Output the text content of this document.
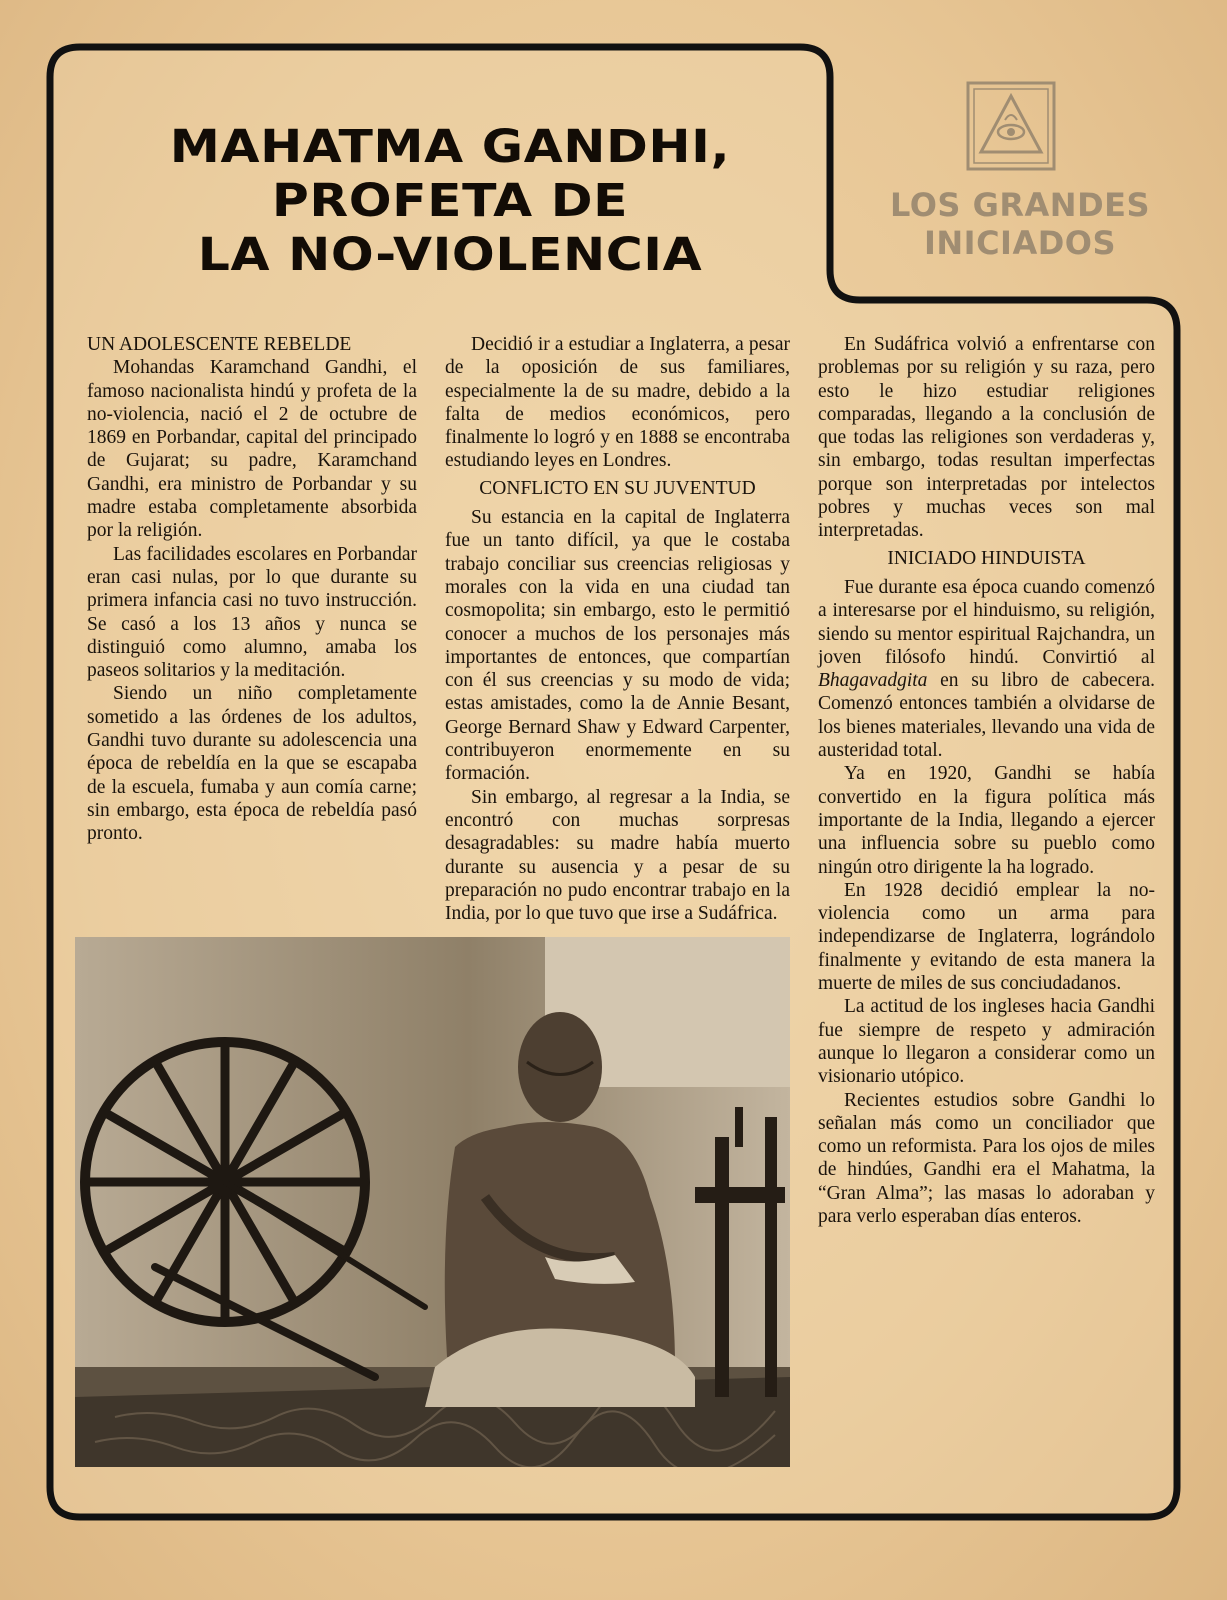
MAHATMA GANDHI,
PROFETA DE
LA NO-VIOLENCIA
LOS GRANDES
INICIADOS
UN ADOLESCENTE REBELDE

Mohandas Karamchand Gandhi, el famoso nacionalista hindú y profeta de la no-violencia, nació el 2 de octubre de 1869 en Porbandar, capital del principado de Gujarat; su padre, Karamchand Gandhi, era ministro de Porbandar y su madre estaba completamente absorbida por la religión.

Las facilidades escolares en Porbandar eran casi nulas, por lo que durante su primera infancia casi no tuvo instrucción. Se casó a los 13 años y nunca se distinguió como alumno, amaba los paseos solitarios y la meditación.

Siendo un niño completamente sometido a las órdenes de los adultos, Gandhi tuvo durante su adolescencia una época de rebeldía en la que se escapaba de la escuela, fumaba y aun comía carne; sin embargo, esta época de rebeldía pasó pronto.

Decidió ir a estudiar a Inglaterra, a pesar de la oposición de sus familiares, especialmente la de su madre, debido a la falta de medios económicos, pero finalmente lo logró y en 1888 se encontraba estudiando leyes en Londres.

CONFLICTO EN SU JUVENTUD

Su estancia en la capital de Inglaterra fue un tanto difícil, ya que le costaba trabajo conciliar sus creencias religiosas y morales con la vida en una ciudad tan cosmopolita; sin embargo, esto le permitió conocer a muchos de los personajes más importantes de entonces, que compartían con él sus creencias y su modo de vida; estas amistades, como la de Annie Besant, George Bernard Shaw y Edward Carpenter, contribuyeron enormemente en su formación.

Sin embargo, al regresar a la India, se encontró con muchas sorpresas desagradables: su madre había muerto durante su ausencia y a pesar de su preparación no pudo encontrar trabajo en la India, por lo que tuvo que irse a Sudáfrica.

En Sudáfrica volvió a enfrentarse con problemas por su religión y su raza, pero esto le hizo estudiar religiones comparadas, llegando a la conclusión de que todas las religiones son verdaderas y, sin embargo, todas resultan imperfectas porque son interpretadas por intelectos pobres y muchas veces son mal interpretadas.

INICIADO HINDUISTA

Fue durante esa época cuando comenzó a interesarse por el hinduismo, su religión, siendo su mentor espiritual Rajchandra, un joven filósofo hindú. Convirtió al Bhagavadgita en su libro de cabecera. Comenzó entonces también a olvidarse de los bienes materiales, llevando una vida de austeridad total.

Ya en 1920, Gandhi se había convertido en la figura política más importante de la India, llegando a ejercer una influencia sobre su pueblo como ningún otro dirigente la ha logrado.

En 1928 decidió emplear la no-violencia como un arma para independizarse de Inglaterra, lográndolo finalmente y evitando de esta manera la muerte de miles de sus conciudadanos.

La actitud de los ingleses hacia Gandhi fue siempre de respeto y admiración aunque lo llegaron a considerar como un visionario utópico.

Recientes estudios sobre Gandhi lo señalan más como un conciliador que como un reformista. Para los ojos de miles de hindúes, Gandhi era el Mahatma, la “Gran Alma”; las masas lo adoraban y para verlo esperaban días enteros.
